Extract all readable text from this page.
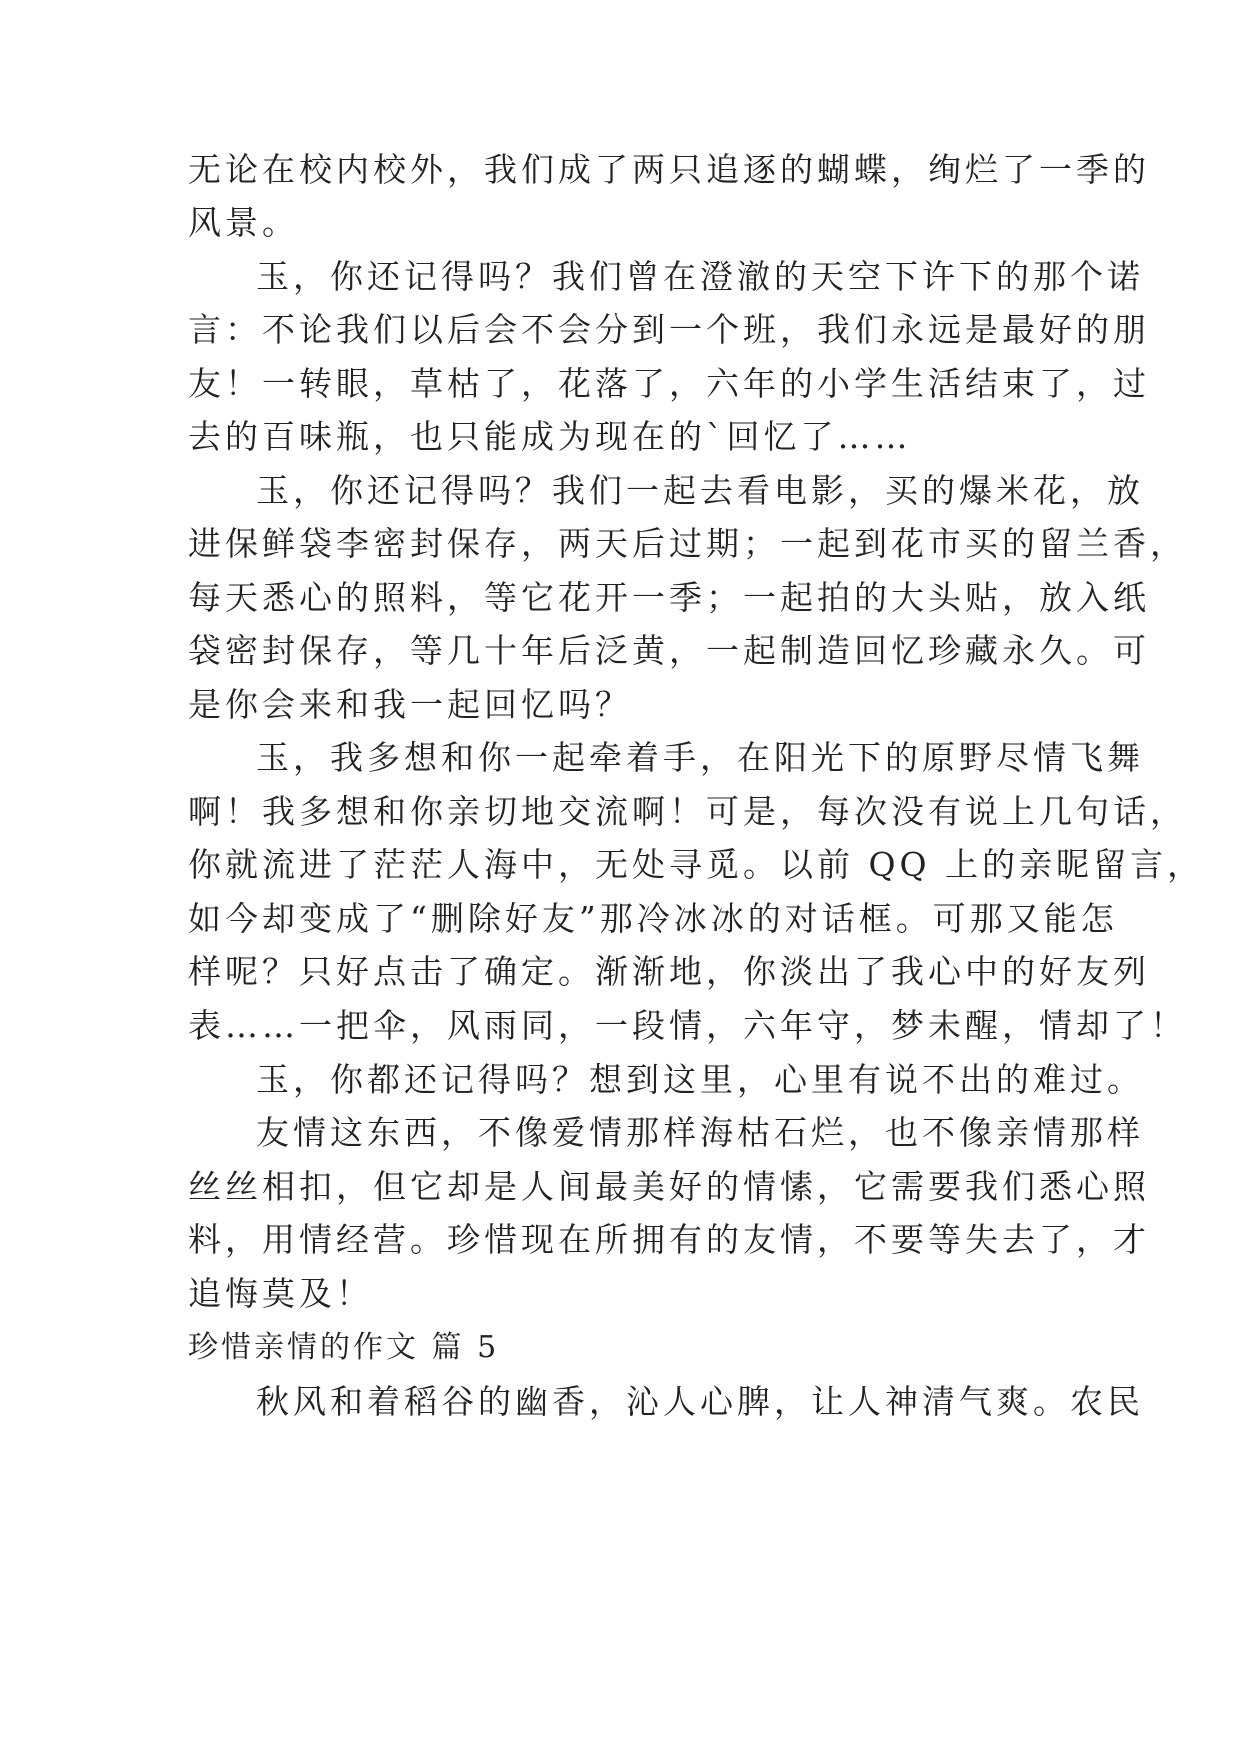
无论在校内校外，我们成了两只追逐的蝴蝶，绚烂了一季的
风景。
玉，你还记得吗？我们曾在澄澈的天空下许下的那个诺
言：不论我们以后会不会分到一个班，我们永远是最好的朋
友！一转眼，草枯了，花落了，六年的小学生活结束了，过
去的百味瓶，也只能成为现在的`回忆了……
玉，你还记得吗？我们一起去看电影，买的爆米花，放
进保鲜袋李密封保存，两天后过期；一起到花市买的留兰香，
每天悉心的照料，等它花开一季；一起拍的大头贴，放入纸
袋密封保存，等几十年后泛黄，一起制造回忆珍藏永久。可
是你会来和我一起回忆吗？
玉，我多想和你一起牵着手，在阳光下的原野尽情飞舞
啊！我多想和你亲切地交流啊！可是，每次没有说上几句话，
你就流进了茫茫人海中，无处寻觅。以前 QQ 上的亲昵留言，
如今却变成了“删除好友”那冷冰冰的对话框。可那又能怎
样呢？只好点击了确定。渐渐地，你淡出了我心中的好友列
表……一把伞，风雨同，一段情，六年守，梦未醒，情却了！
玉，你都还记得吗？想到这里，心里有说不出的难过。
友情这东西，不像爱情那样海枯石烂，也不像亲情那样
丝丝相扣，但它却是人间最美好的情愫，它需要我们悉心照
料，用情经营。珍惜现在所拥有的友情，不要等失去了，才
追悔莫及！
珍惜亲情的作文 篇 5
秋风和着稻谷的幽香，沁人心脾，让人神清气爽。农民
